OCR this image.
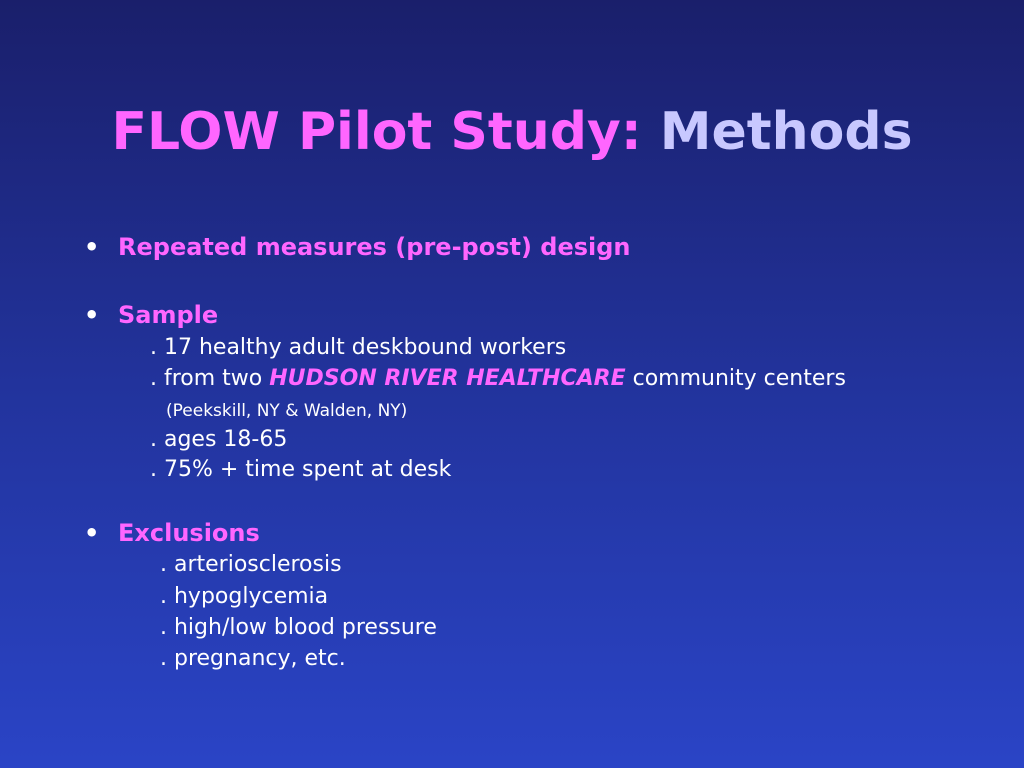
FLOW Pilot Study: Methods
• Repeated measures (pre-post) design
• Sample
. 17 healthy adult deskbound workers
. from two HUDSON RIVER HEALTHCARE community centers
(Peekskill, NY & Walden, NY)
. ages 18-65
. 75% + time spent at desk
• Exclusions
. arteriosclerosis
. hypoglycemia
. high/low blood pressure
. pregnancy, etc.
